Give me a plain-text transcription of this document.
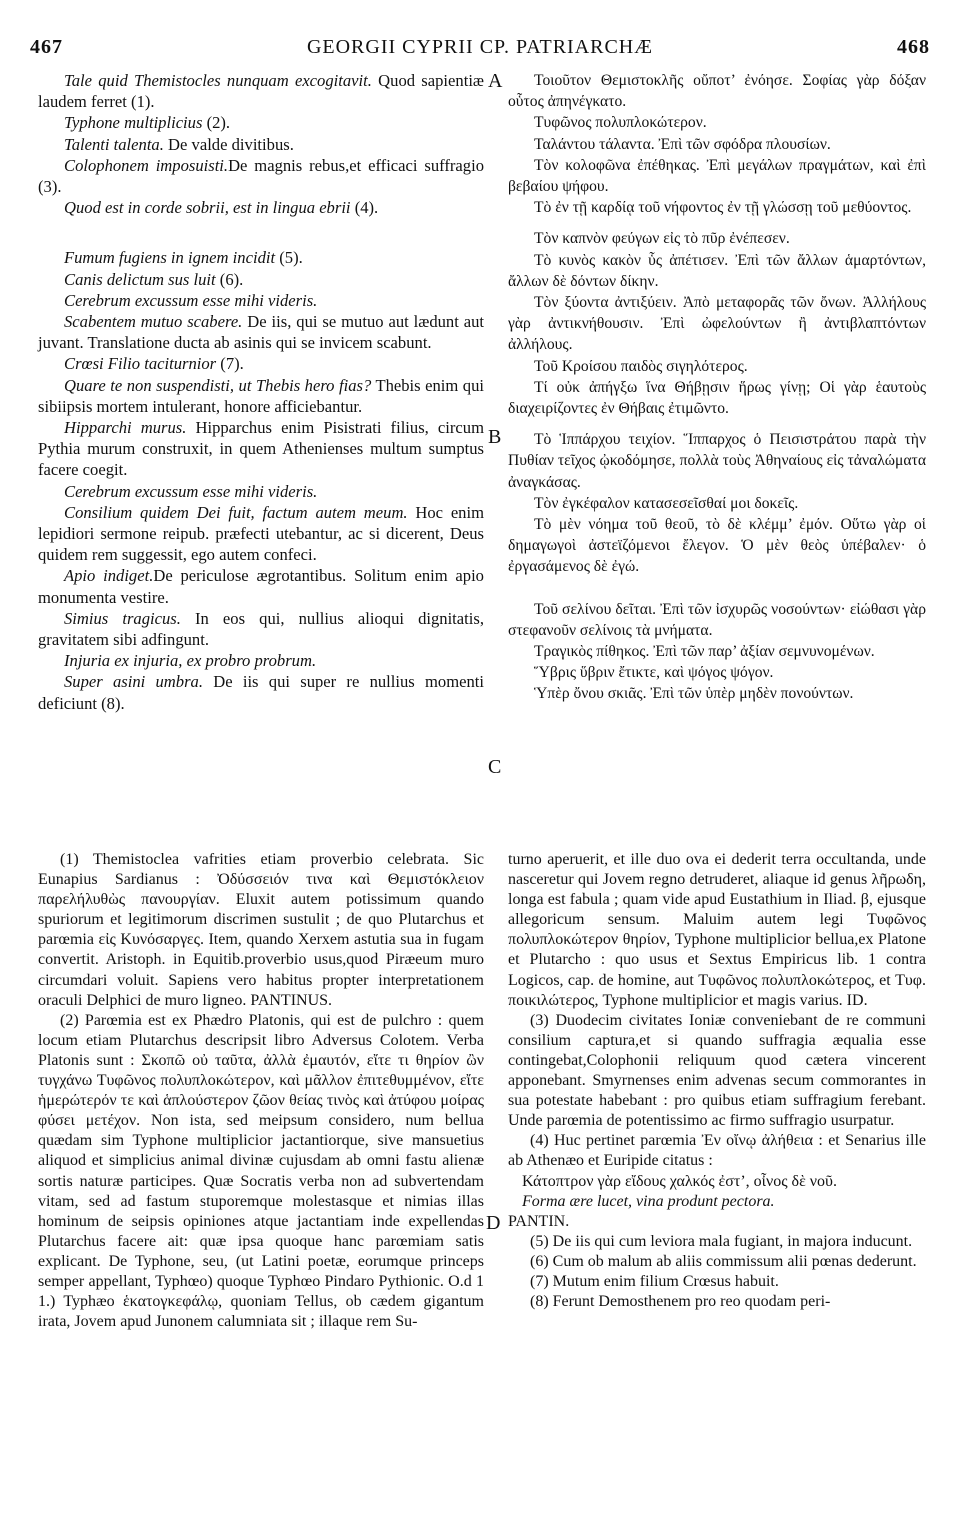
467	GEORGII CYPRII CP. PATRIARCHÆ	468
A
B
C
D

Tale quid Themistocles nunquam excogitavit. Quod sapientiæ laudem ferret (1).

Typhone multiplicius (2).

Talenti talenta. De valde divitibus.

Colophonem imposuisti.De magnis rebus,et efficaci suffragio (3).

Quod est in corde sobrii, est in lingua ebrii (4).

Fumum fugiens in ignem incidit (5).

Canis delictum sus luit (6).

Cerebrum excussum esse mihi videris.

Scabentem mutuo scabere. De iis, qui se mutuo aut lædunt aut juvant. Translatione ducta ab asinis qui se invicem scabunt.

Crœsi Filio taciturnior (7).

Quare te non suspendisti, ut Thebis hero fias? Thebis enim qui sibiipsis mortem intulerant, honore afficiebantur.

Hipparchi murus. Hipparchus enim Pisistrati filius, circum Pythia murum construxit, in quem Athenienses multum sumptus facere coegit.

Cerebrum excussum esse mihi videris.

Consilium quidem Dei fuit, factum autem meum. Hoc enim lepidiori sermone reipub. præfecti utebantur, ac si dicerent, Deus quidem rem suggessit, ego autem confeci.

Apio indiget.De periculose ægrotantibus. Solitum enim apio monumenta vestire.

Simius tragicus. In eos qui, nullius alioqui dignitatis, gravitatem sibi adfingunt.

Injuria ex injuria, ex probro probrum.

Super asini umbra. De iis qui super re nullius momenti deficiunt (8).

Τοιοῦτον Θεμιστοκλῆς οὔποτ’ ἐνόησε. Σοφίας γὰρ δόξαν οὗτος ἀπηνέγκατο.

Τυφῶνος πολυπλοκώτερον.

Ταλάντου τάλαντα. Ἐπὶ τῶν σφόδρα πλουσίων.

Τὸν κολοφῶνα ἐπέθηκας. Ἐπὶ μεγάλων πραγμάτων, καὶ ἐπὶ βεβαίου ψήφου.

Τὸ ἐν τῇ καρδίᾳ τοῦ νήφοντος ἐν τῇ γλώσσῃ τοῦ μεθύοντος.

Τὸν καπνὸν φεύγων εἰς τὸ πῦρ ἐνέπεσεν.

Τὸ κυνὸς κακὸν ὗς ἀπέτισεν. Ἐπὶ τῶν ἄλλων ἁμαρτόντων, ἄλλων δὲ δόντων δίκην.

Τὸν ξύοντα ἀντιξύειν. Ἀπὸ μεταφορᾶς τῶν ὄνων. Ἀλλήλους γὰρ ἀντικνήθουσιν. Ἐπὶ ὠφελούντων ἢ ἀντιβλαπτόντων ἀλλήλους.

Τοῦ Κροίσου παιδὸς σιγηλότερος.

Τί οὐκ ἀπήγξω ἵνα Θήβῃσιν ἥρως γίνῃ; Οἱ γὰρ ἑαυτοὺς διαχειρίζοντες ἐν Θήβαις ἐτιμῶντο.

Τὸ Ἱππάρχου τειχίον. Ἵππαρχος ὁ Πεισιστράτου παρὰ τὴν Πυθίαν τεῖχος ᾠκοδόμησε, πολλὰ τοὺς Ἀθηναίους εἰς τἀναλώματα ἀναγκάσας.

Τὸν ἐγκέφαλον κατασεσεῖσθαί μοι δοκεῖς.

Τὸ μὲν νόημα τοῦ θεοῦ, τὸ δὲ κλέμμ’ ἐμόν. Οὕτω γὰρ οἱ δημαγωγοὶ ἀστεϊζόμενοι ἔλεγον. Ὁ μὲν θεὸς ὑπέβαλεν· ὁ ἐργασάμενος δὲ ἐγώ.

Τοῦ σελίνου δεῖται. Ἐπὶ τῶν ἰσχυρῶς νοσούντων· εἰώθασι γὰρ στεφανοῦν σελίνοις τὰ μνήματα.

Τραγικὸς πίθηκος. Ἐπὶ τῶν παρ’ ἀξίαν σεμνυνομένων.

Ὕβρις ὕβριν ἔτικτε, καὶ ψόγος ψόγον.

Ὑπὲρ ὄνου σκιᾶς. Ἐπὶ τῶν ὑπὲρ μηδὲν πονούντων.

(1) Themistoclea vafrities etiam proverbio celebrata. Sic Eunapius Sardianus : Ὀδύσσειόν τινα καὶ Θεμιστόκλειον παρελήλυθὼς πανουργίαν. Eluxit autem potissimum quando spuriorum et legitimorum discrimen sustulit ; de quo Plutarchus et parœmia εἰς Κυνόσαργες. Item, quando Xerxem astutia sua in fugam convertit. Aristoph. in Equitib.proverbio usus,quod Piræeum muro circumdari voluit. Sapiens vero habitus propter interpretationem oraculi Delphici de muro ligneo. PANTINUS.

(2) Parœmia est ex Phædro Platonis, qui est de pulchro : quem locum etiam Plutarchus descripsit libro Adversus Colotem. Verba Platonis sunt : Σκοπῶ οὐ ταῦτα, ἀλλὰ ἐμαυτόν, εἴτε τι θηρίον ὢν τυγχάνω Τυφῶνος πολυπλοκώτερον, καὶ μᾶλλον ἐπιτεθυμμένον, εἴτε ἡμερώτερόν τε καὶ ἁπλούστερον ζῶον θείας τινὸς καὶ ἀτύφου μοίρας φύσει μετέχον. Non ista, sed meipsum considero, num bellua quædam sim Typhone multiplicior jactantiorque, sive mansuetius aliquod et simplicius animal divinæ cujusdam ab omni fastu alienæ sortis naturæ participes. Quæ Socratis verba non ad subvertendam vitam, sed ad fastum stuporemque molestasque et nimias illas hominum de seipsis opiniones atque jactantiam inde expellendas Plutarchus facere ait: quæ ipsa quoque hanc parœmiam satis explicant. De Typhone, seu, (ut Latini poetæ, eorumque princeps semper appellant, Typhœo) quoque Typhœo Pindaro Pythionic. O.d 1 1.) Typhæo ἑκατογκεφάλῳ, quoniam Tellus, ob cædem gigantum irata, Jovem apud Junonem calumniata sit ; illaque rem Su-

turno aperuerit, et ille duo ova ei dederit terra occultanda, unde nasceretur qui Jovem regno detruderet, aliaque id genus λῆρωδη, longa est fabula ; quam vide apud Eustathium in Iliad. β, ejusque allegoricum sensum. Maluim autem legi Τυφῶνος πολυπλοκώτερον θηρίον, Typhone multiplicior bellua,ex Platone et Plutarcho : quo usus et Sextus Empiricus lib. 1 contra Logicos, cap. de homine, aut Τυφῶνος πολυπλοκώτερος, et Τυφ. ποικιλώτερος, Typhone multiplicior et magis varius. ID.

(3) Duodecim civitates Ioniæ conveniebant de re communi consilium captura,et si quando suffragia æqualia esse contingebat,Colophonii reliquum quod cætera vincerent apponebant. Smyrnenses enim advenas secum commorantes in sua potestate habebant : pro quibus etiam suffragium ferebant. Unde parœmia de potentissimo ac firmo suffragio usurpatur.

(4) Huc pertinet parœmia Ἐν οἴνῳ ἀλήθεια : et Senarius ille ab Athenæo et Euripide citatus :

Κάτοπτρον γὰρ εἴδους χαλκός ἐστ’, οἶνος δὲ νοῦ.

Forma ære lucet, vina produnt pectora.

PANTIN.

(5) De iis qui cum leviora mala fugiant, in majora inducunt.

(6) Cum ob malum ab aliis commissum alii pœnas dederunt.

(7) Mutum enim filium Crœsus habuit.

(8) Ferunt Demosthenem pro reo quodam peri-
